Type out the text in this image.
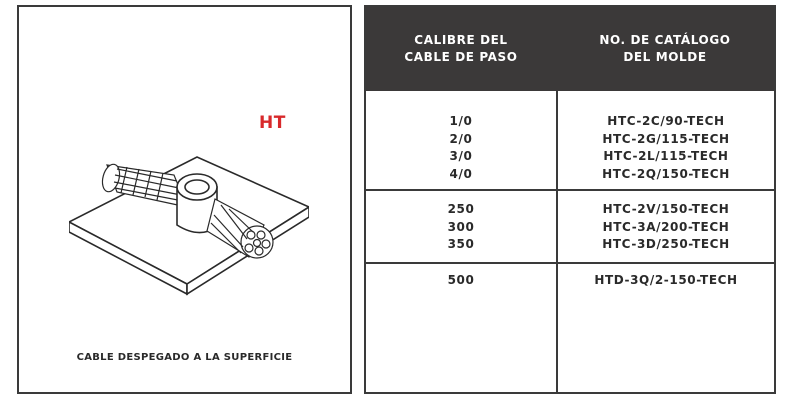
HT
CABLE DESPEGADO A LA SUPERFICIE
CALIBRE DEL
CABLE DE PASO
NO. DE CATÁLOGO
DEL MOLDE
1/0
2/0
3/0
4/0
HTC-2C/90-TECH
HTC-2G/115-TECH
HTC-2L/115-TECH
HTC-2Q/150-TECH
250
300
350
HTC-2V/150-TECH
HTC-3A/200-TECH
HTC-3D/250-TECH
500	HTD-3Q/2-150-TECH
